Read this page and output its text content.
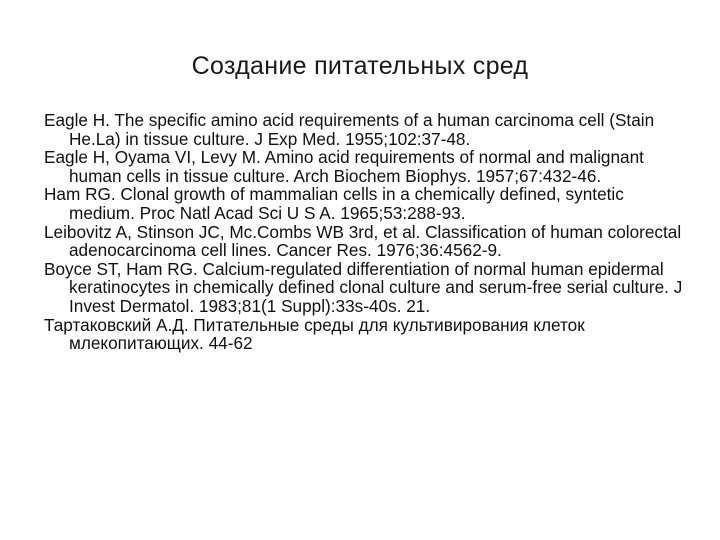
Создание питательных сред
Eagle H. The specific amino acid requirements of a human carcinoma cell (Stain He.La) in tissue culture. J Exp Med. 1955;102:37-48.
Eagle H, Oyama VI, Levy M. Amino acid requirements of normal and malignant human cells in tissue culture. Arch Biochem Biophys. 1957;67:432-46.
Ham RG. Clonal growth of mammalian cells in a chemically defined, syntetic medium. Proc Natl Acad Sci U S A. 1965;53:288-93.
Leibovitz A, Stinson JC, Mc.Combs WB 3rd, et al. Classification of human colorectal adenocarcinoma cell lines. Cancer Res. 1976;36:4562-9.
Boyce ST, Ham RG. Calcium-regulated differentiation of normal human epidermal keratinocytes in chemically defined clonal culture and serum-free serial culture. J Invest Dermatol. 1983;81(1 Suppl):33s-40s. 21.
Тартаковский А.Д. Питательные среды для культивирования клеток млекопитающих. 44-62
